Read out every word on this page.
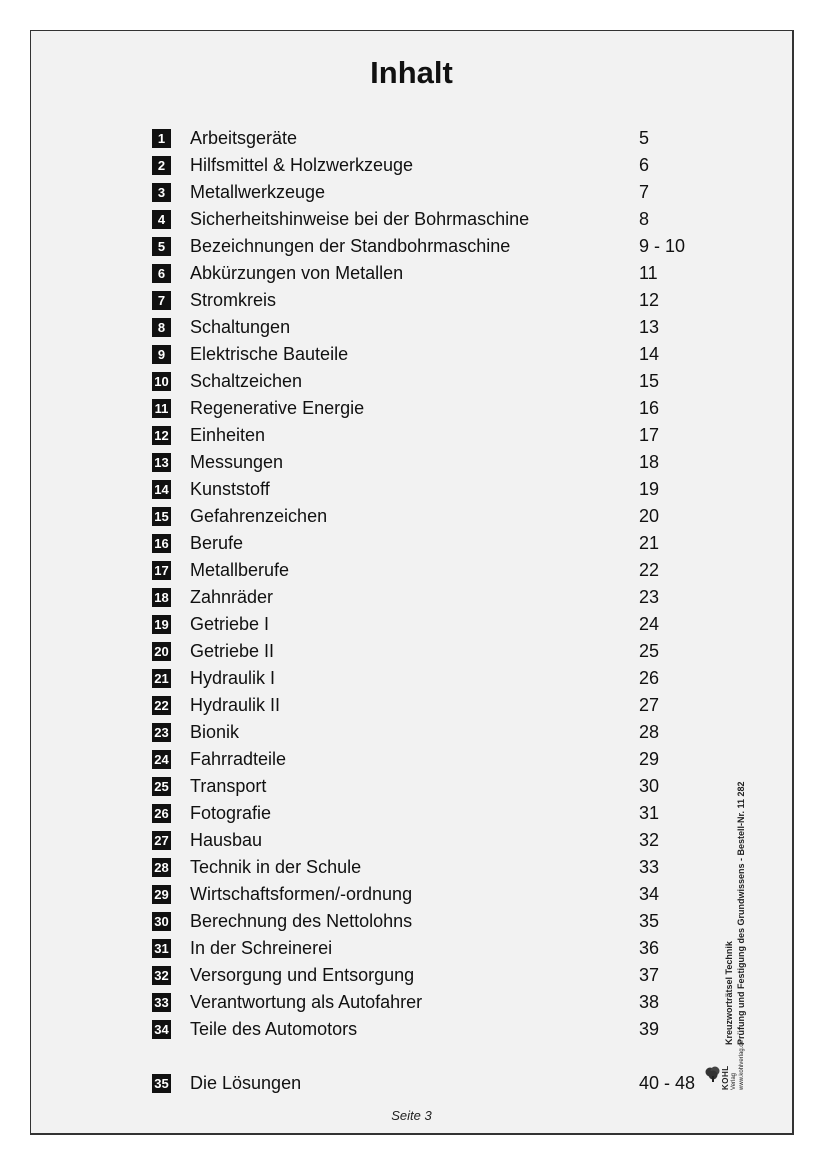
Inhalt
1	Arbeitsgeräte	5
2	Hilfsmittel & Holzwerkzeuge	6
3	Metallwerkzeuge	7
4	Sicherheitshinweise bei der Bohrmaschine	8
5	Bezeichnungen der Standbohrmaschine	9 - 10
6	Abkürzungen von Metallen	11
7	Stromkreis	12
8	Schaltungen	13
9	Elektrische Bauteile	14
10 Schaltzeichen	15
11 Regenerative Energie	16
12 Einheiten	17
13 Messungen	18
14 Kunststoff	19
15 Gefahrenzeichen	20
16 Berufe	21
17 Metallberufe	22
18 Zahnräder	23
19 Getriebe I	24
20 Getriebe II	25
21 Hydraulik I	26
22 Hydraulik II	27
23 Bionik	28
24 Fahrradteile	29
25 Transport	30
26 Fotografie	31
27 Hausbau	32
28 Technik in der Schule	33
29 Wirtschaftsformen/-ordnung	34
30 Berechnung des Nettolohns	35
31 In der Schreinerei	36
32 Versorgung und Entsorgung	37
33 Verantwortung als Autofahrer	38
34 Teile des Automotors	39
35 Die Lösungen	40 - 48
Seite 3
Kreuzworträtsel Technik Prüfung und Festigung des Grundwissens - Bestell-Nr. 11 282
KOHL Verlag www.kohlverlag.de
